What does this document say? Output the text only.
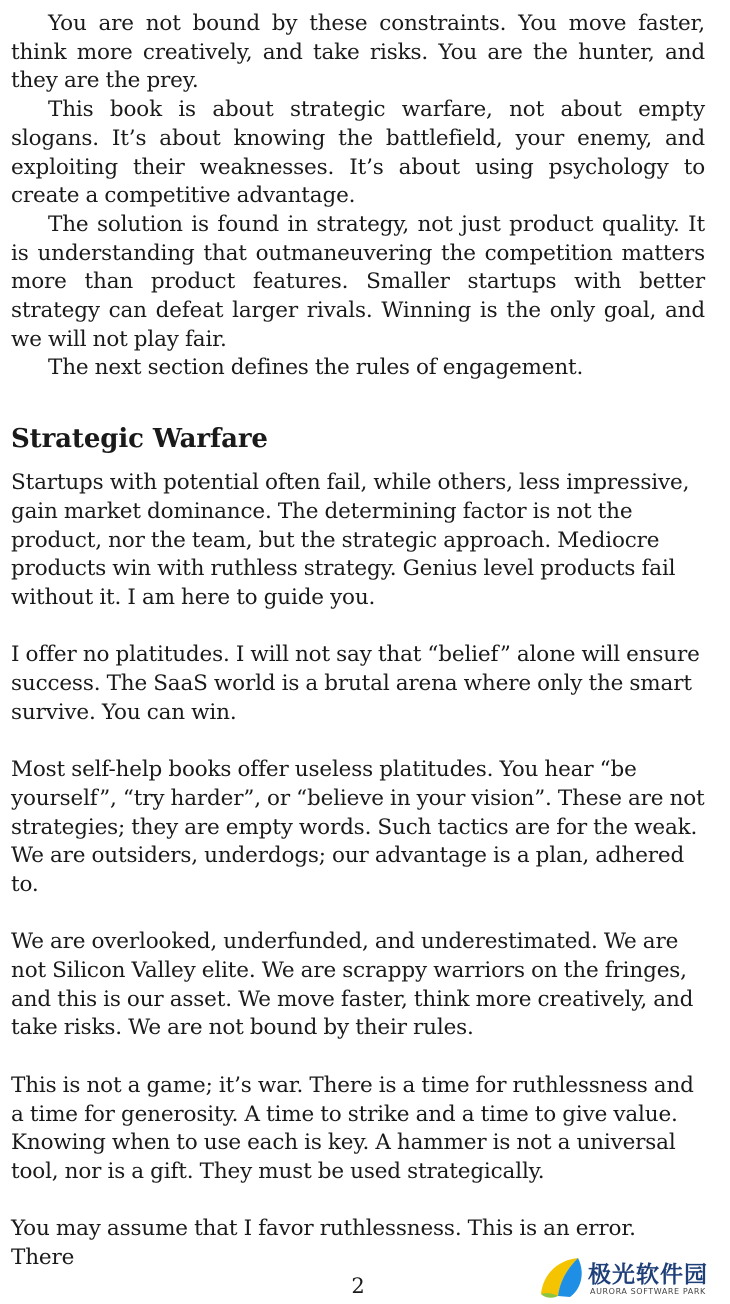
You are not bound by these constraints. You move faster, think more creatively, and take risks. You are the hunter, and they are the prey.

This book is about strategic warfare, not about empty slogans. It’s about knowing the battlefield, your enemy, and exploiting their weaknesses. It’s about using psychology to create a competitive advantage.

The solution is found in strategy, not just product quality. It is understanding that outmaneuvering the competition matters more than product features. Smaller startups with better strategy can defeat larger rivals. Winning is the only goal, and we will not play fair.

The next section defines the rules of engagement.

Strategic Warfare

Startups with potential often fail, while others, less impressive, gain market dominance. The determining factor is not the product, nor the team, but the strategic approach. Mediocre products win with ruthless strategy. Genius level products fail without it. I am here to guide you.

I offer no platitudes. I will not say that “belief” alone will ensure success. The SaaS world is a brutal arena where only the smart survive. You can win.

Most self-help books offer useless platitudes. You hear “be yourself”, “try harder”, or “believe in your vision”. These are not strategies; they are empty words. Such tactics are for the weak. We are outsiders, underdogs; our advantage is a plan, adhered to.

We are overlooked, underfunded, and underestimated. We are not Silicon Valley elite. We are scrappy warriors on the fringes, and this is our asset. We move faster, think more creatively, and take risks. We are not bound by their rules.

This is not a game; it’s war. There is a time for ruthlessness and a time for generosity. A time to strike and a time to give value. Knowing when to use each is key. A hammer is not a universal tool, nor is a gift. They must be used strategically.

You may assume that I favor ruthlessness. This is an error. There

2	极光软件园
AURORA SOFTWARE PARK
